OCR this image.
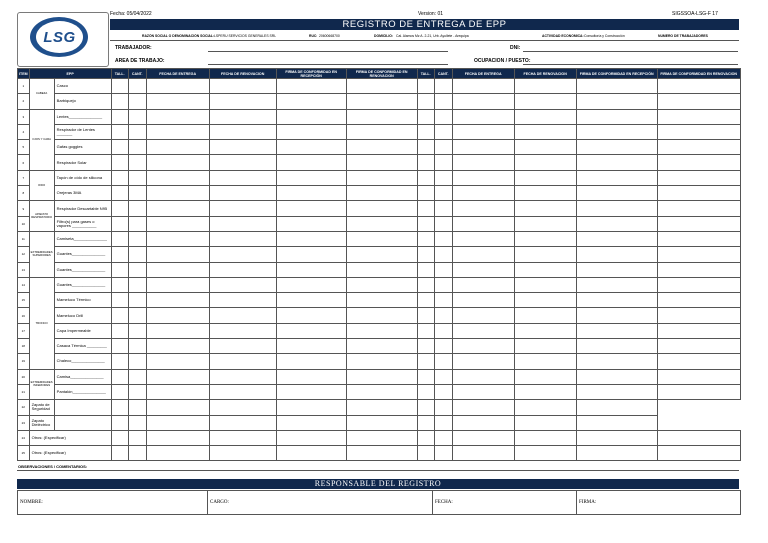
LSG
Fecha: 05/04/2022	Version: 01	SIGSSOA-LSG-F 17
REGISTRO DE ENTREGA DE EPP
RAZÓN SOCIAL O DENOMINACIÓN SOCIAL: LSPERU SERVICIOS GENERALES SRL	RUC: 20600668700	DOMICILIO: Cal. Alamos Mz A. 2-21, Urb. Ayullete - Arequipa	ACTIVIDAD ECONOMICA: Consultoría y Construcción	NUMERO DE TRABAJADORES
TRABAJADOR:	DNI:
AREA DE TRABAJO:	OCUPACION / PUESTO:
ITEM	EPP		TALL.	CANT.	FECHA DE ENTREGA	FECHA DE RENOVACION	FIRMA DE CONFORMIDAD EN RECEPCIÓN	FIRMA DE CONFORMIDAD EN RENOVACION	TALL.	CANT.	FECHA DE ENTREGA	FECHA DE RENOVACION	FIRMA DE CONFORMIDAD EN RECEPCIÓN	FIRMA DE CONFORMIDAD EN RENOVACION
1	CABEZA	Casco												
2		Barbiquejo												
3	OJOS Y CARA	Lentes_______________												
4		Respirador de Lentes _______												
5		Gafas goggles												
6		Respirador Solar												
7	OIDO	Tapón de oído de silicona												
8		Orejeras 3MA												
9	APARATO RESPIRATORIO	Respirador Descartable N95												
10		Filtro(s) para gases o vapores ___________												
11	EXTREMIDADES SUPERIORES	Camiseta_______________												
12		Guantes_______________												
13		Guantes_______________												
14	TRONCO	Guantes_______________												
15		Mameluco Térmico												
16		Mameluco Drill												
17		Capa Impermeable												
18		Casaca Térmica _________												
19		Chaleco_______________												
20	EXTREMIDADES INFERIORES	Camisa_______________												
21		Pantalón_______________												
22	Zapato de Seguridad													
23	Zapato Dieléctrico													
24	Otros: (Especificar)													
25	Otros: (Especificar)													
OBSERVACIONES / COMENTARIOS:
RESPONSABLE DEL REGISTRO
NOMBRE:	CARGO:	FECHA:	FIRMA:
